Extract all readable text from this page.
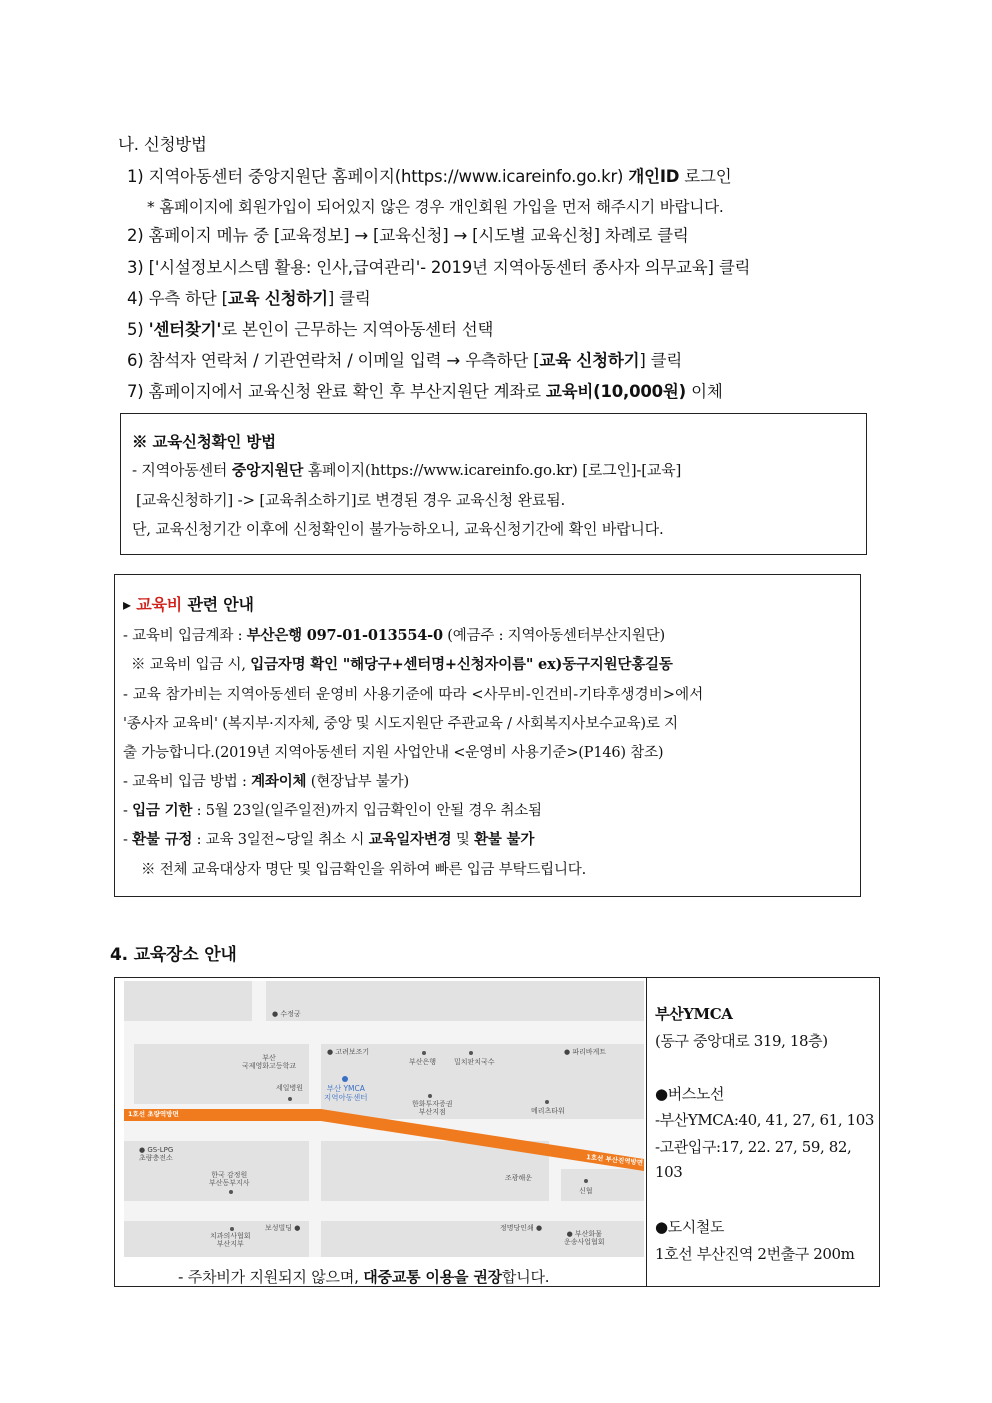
나. 신청방법
1) 지역아동센터 중앙지원단 홈페이지(https://www.icareinfo.go.kr) 개인ID 로그인
* 홈페이지에 회원가입이 되어있지 않은 경우 개인회원 가입을 먼저 해주시기 바랍니다.
2) 홈페이지 메뉴 중 [교육정보] → [교육신청] → [시도별 교육신청] 차례로 클릭
3) ['시설정보시스템 활용: 인사,급여관리'- 2019년 지역아동센터 종사자 의무교육] 클릭
4) 우측 하단 [교육 신청하기] 클릭
5) '센터찾기'로 본인이 근무하는 지역아동센터 선택
6) 참석자 연락처 / 기관연락처 / 이메일 입력 → 우측하단 [교육 신청하기] 클릭
7) 홈페이지에서 교육신청 완료 확인 후 부산지원단 계좌로 교육비(10,000원) 이체
※ 교육신청확인 방법
- 지역아동센터 중앙지원단 홈페이지(https://www.icareinfo.go.kr) [로그인]-[교육]
[교육신청하기] -> [교육취소하기]로 변경된 경우 교육신청 완료됨.
단, 교육신청기간 이후에 신청확인이 불가능하오니, 교육신청기간에 확인 바랍니다.
▸ 교육비 관련 안내
- 교육비 입금계좌 : 부산은행 097-01-013554-0 (예금주 : 지역아동센터부산지원단)
※ 교육비 입금 시, 입금자명 확인 "해당구+센터명+신청자이름" ex)동구지원단홍길동
- 교육 참가비는 지역아동센터 운영비 사용기준에 따라 <사무비-인건비-기타후생경비>에서
'종사자 교육비' (복지부·지자체, 중앙 및 시도지원단 주관교육 / 사회복지사보수교육)로 지
출 가능합니다.(2019년 지역아동센터 지원 사업안내 <운영비 사용기준>(P146) 참조)
- 교육비 입금 방법 : 계좌이체 (현장납부 불가)
- 입금 기한 : 5월 23일(일주일전)까지 입금확인이 안될 경우 취소됨
- 환불 규정 : 교육 3일전~당일 취소 시 교육일자변경 및 환불 불가
※ 전체 교육대상자 명단 및 입금확인을 위하여 빠른 입금 부탁드립니다.
4. 교육장소 안내
1호선 초량역방면
1호선 부산진역방면
● 수정궁
부산
국제영화고등학교
● 고려보조기
부산은행	밀치판치국수
● 파리바게트
세일병원	부산 YMCA
지역아동센터
한화투자증권
부산지점	메리츠타워
● GS-LPG
초량충전소
한국 감정원
부산동부지사
조광해운
신협
치과의사협회
부산지부
보성빌딩 ●	정명당인쇄 ●
● 부산화물
운송사업협회
- 주차비가 지원되지 않으며, 대중교통 이용을 권장합니다.
부산YMCA
(동구 중앙대로 319, 18층)
●버스노선
-부산YMCA:40, 41, 27, 61, 103
-고관입구:17, 22. 27, 59, 82,
103
●도시철도
1호선 부산진역 2번출구 200m
